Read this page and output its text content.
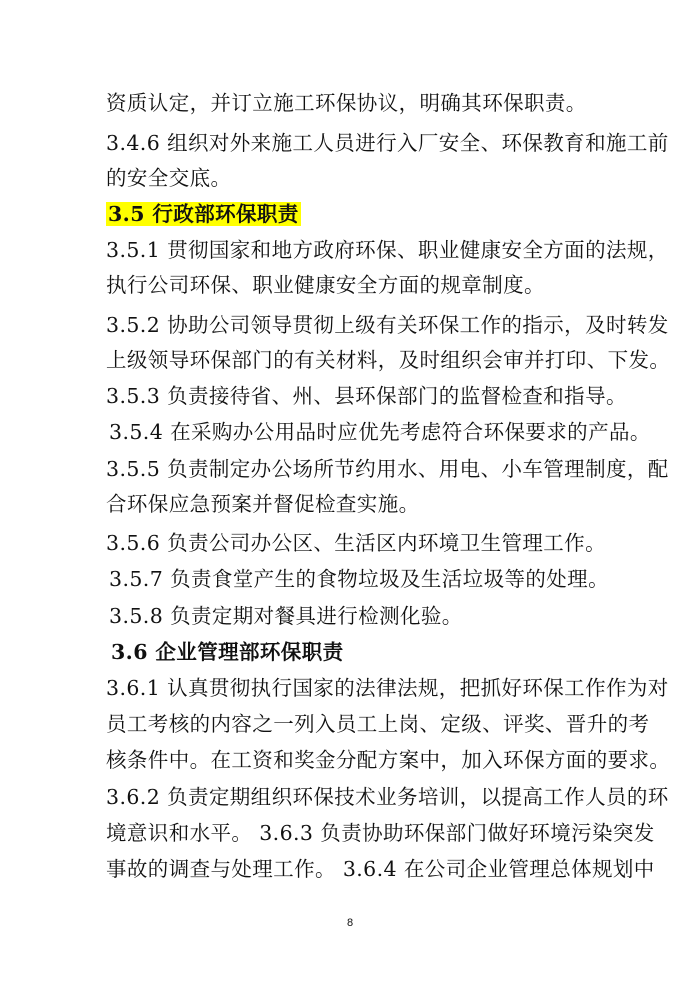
资质认定，并订立施工环保协议，明确其环保职责。
3.4.6 组织对外来施工人员进行入厂安全、环保教育和施工前
的安全交底。
3.5 行政部环保职责
3.5.1 贯彻国家和地方政府环保、职业健康安全方面的法规，
执行公司环保、职业健康安全方面的规章制度。
3.5.2 协助公司领导贯彻上级有关环保工作的指示，及时转发
上级领导环保部门的有关材料，及时组织会审并打印、下发。
3.5.3 负责接待省、州、县环保部门的监督检查和指导。
3.5.4 在采购办公用品时应优先考虑符合环保要求的产品。
3.5.5 负责制定办公场所节约用水、用电、小车管理制度，配
合环保应急预案并督促检查实施。
3.5.6 负责公司办公区、生活区内环境卫生管理工作。
3.5.7 负责食堂产生的食物垃圾及生活垃圾等的处理。
3.5.8 负责定期对餐具进行检测化验。
3.6 企业管理部环保职责
3.6.1 认真贯彻执行国家的法律法规，把抓好环保工作作为对
员工考核的内容之一列入员工上岗、定级、评奖、晋升的考
核条件中。在工资和奖金分配方案中，加入环保方面的要求。
3.6.2 负责定期组织环保技术业务培训，以提高工作人员的环
境意识和水平。 3.6.3 负责协助环保部门做好环境污染突发
事故的调查与处理工作。 3.6.4 在公司企业管理总体规划中
8
